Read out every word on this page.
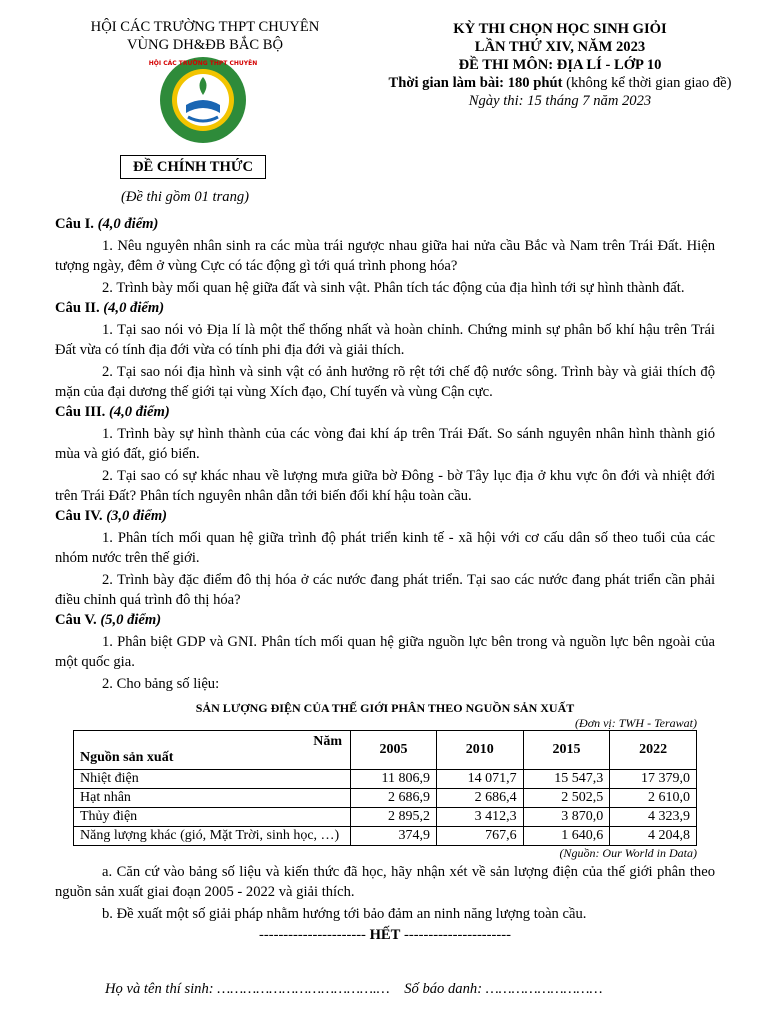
HỘI CÁC TRƯỜNG THPT CHUYÊN
VÙNG DH&ĐB BẮC BỘ
HỘI CÁC TRƯỜNG THPT CHUYÊN
ĐỀ CHÍNH THỨC
(Đề thi gồm 01 trang)
KỲ THI CHỌN HỌC SINH GIỎI
LẦN THỨ XIV, NĂM 2023
ĐỀ THI MÔN: ĐỊA LÍ - LỚP 10
Thời gian làm bài: 180 phút (không kể thời gian giao đề)
Ngày thi: 15 tháng 7 năm 2023
Câu I. (4,0 điểm)
1. Nêu nguyên nhân sinh ra các mùa trái ngược nhau giữa hai nửa cầu Bắc và Nam trên Trái Đất. Hiện tượng ngày, đêm ở vùng Cực có tác động gì tới quá trình phong hóa?
2. Trình bày mối quan hệ giữa đất và sinh vật. Phân tích tác động của địa hình tới sự hình thành đất.
Câu II. (4,0 điểm)
1. Tại sao nói vỏ Địa lí là một thể thống nhất và hoàn chỉnh. Chứng minh sự phân bố khí hậu trên Trái Đất vừa có tính địa đới vừa có tính phi địa đới và giải thích.
2. Tại sao nói địa hình và sinh vật có ảnh hưởng rõ rệt tới chế độ nước sông. Trình bày và giải thích độ mặn của đại dương thế giới tại vùng Xích đạo, Chí tuyến và vùng Cận cực.
Câu III. (4,0 điểm)
1. Trình bày sự hình thành của các vòng đai khí áp trên Trái Đất. So sánh nguyên nhân hình thành gió mùa và gió đất, gió biển.
2. Tại sao có sự khác nhau về lượng mưa giữa bờ Đông - bờ Tây lục địa ở khu vực ôn đới và nhiệt đới trên Trái Đất? Phân tích nguyên nhân dẫn tới biến đổi khí hậu toàn cầu.
Câu IV. (3,0 điểm)
1. Phân tích mối quan hệ giữa trình độ phát triển kinh tế - xã hội với cơ cấu dân số theo tuổi của các nhóm nước trên thế giới.
2. Trình bày đặc điểm đô thị hóa ở các nước đang phát triển. Tại sao các nước đang phát triển cần phải điều chỉnh quá trình đô thị hóa?
Câu V. (5,0 điểm)
1. Phân biệt GDP và GNI. Phân tích mối quan hệ giữa nguồn lực bên trong và nguồn lực bên ngoài của một quốc gia.
2. Cho bảng số liệu:
SẢN LƯỢNG ĐIỆN CỦA THẾ GIỚI PHÂN THEO NGUỒN SẢN XUẤT
(Đơn vị: TWH - Terawat)
Năm
Nguồn sản xuất	2005	2010	2015	2022
Nhiệt điện	11 806,9	14 071,7	15 547,3	17 379,0
Hạt nhân	2 686,9	2 686,4	2 502,5	2 610,0
Thủy điện	2 895,2	3 412,3	3 870,0	4 323,9
Năng lượng khác (gió, Mặt Trời, sinh học, …)	374,9	767,6	1 640,6	4 204,8
(Nguồn: Our World in Data)
a. Căn cứ vào bảng số liệu và kiến thức đã học, hãy nhận xét về sản lượng điện của thế giới phân theo nguồn sản xuất giai đoạn 2005 - 2022 và giải thích.
b. Đề xuất một số giải pháp nhằm hướng tới bảo đảm an ninh năng lượng toàn cầu.
---------------------- HẾT ----------------------
Họ và tên thí sinh: ……………………………….… Số báo danh: ………………………
